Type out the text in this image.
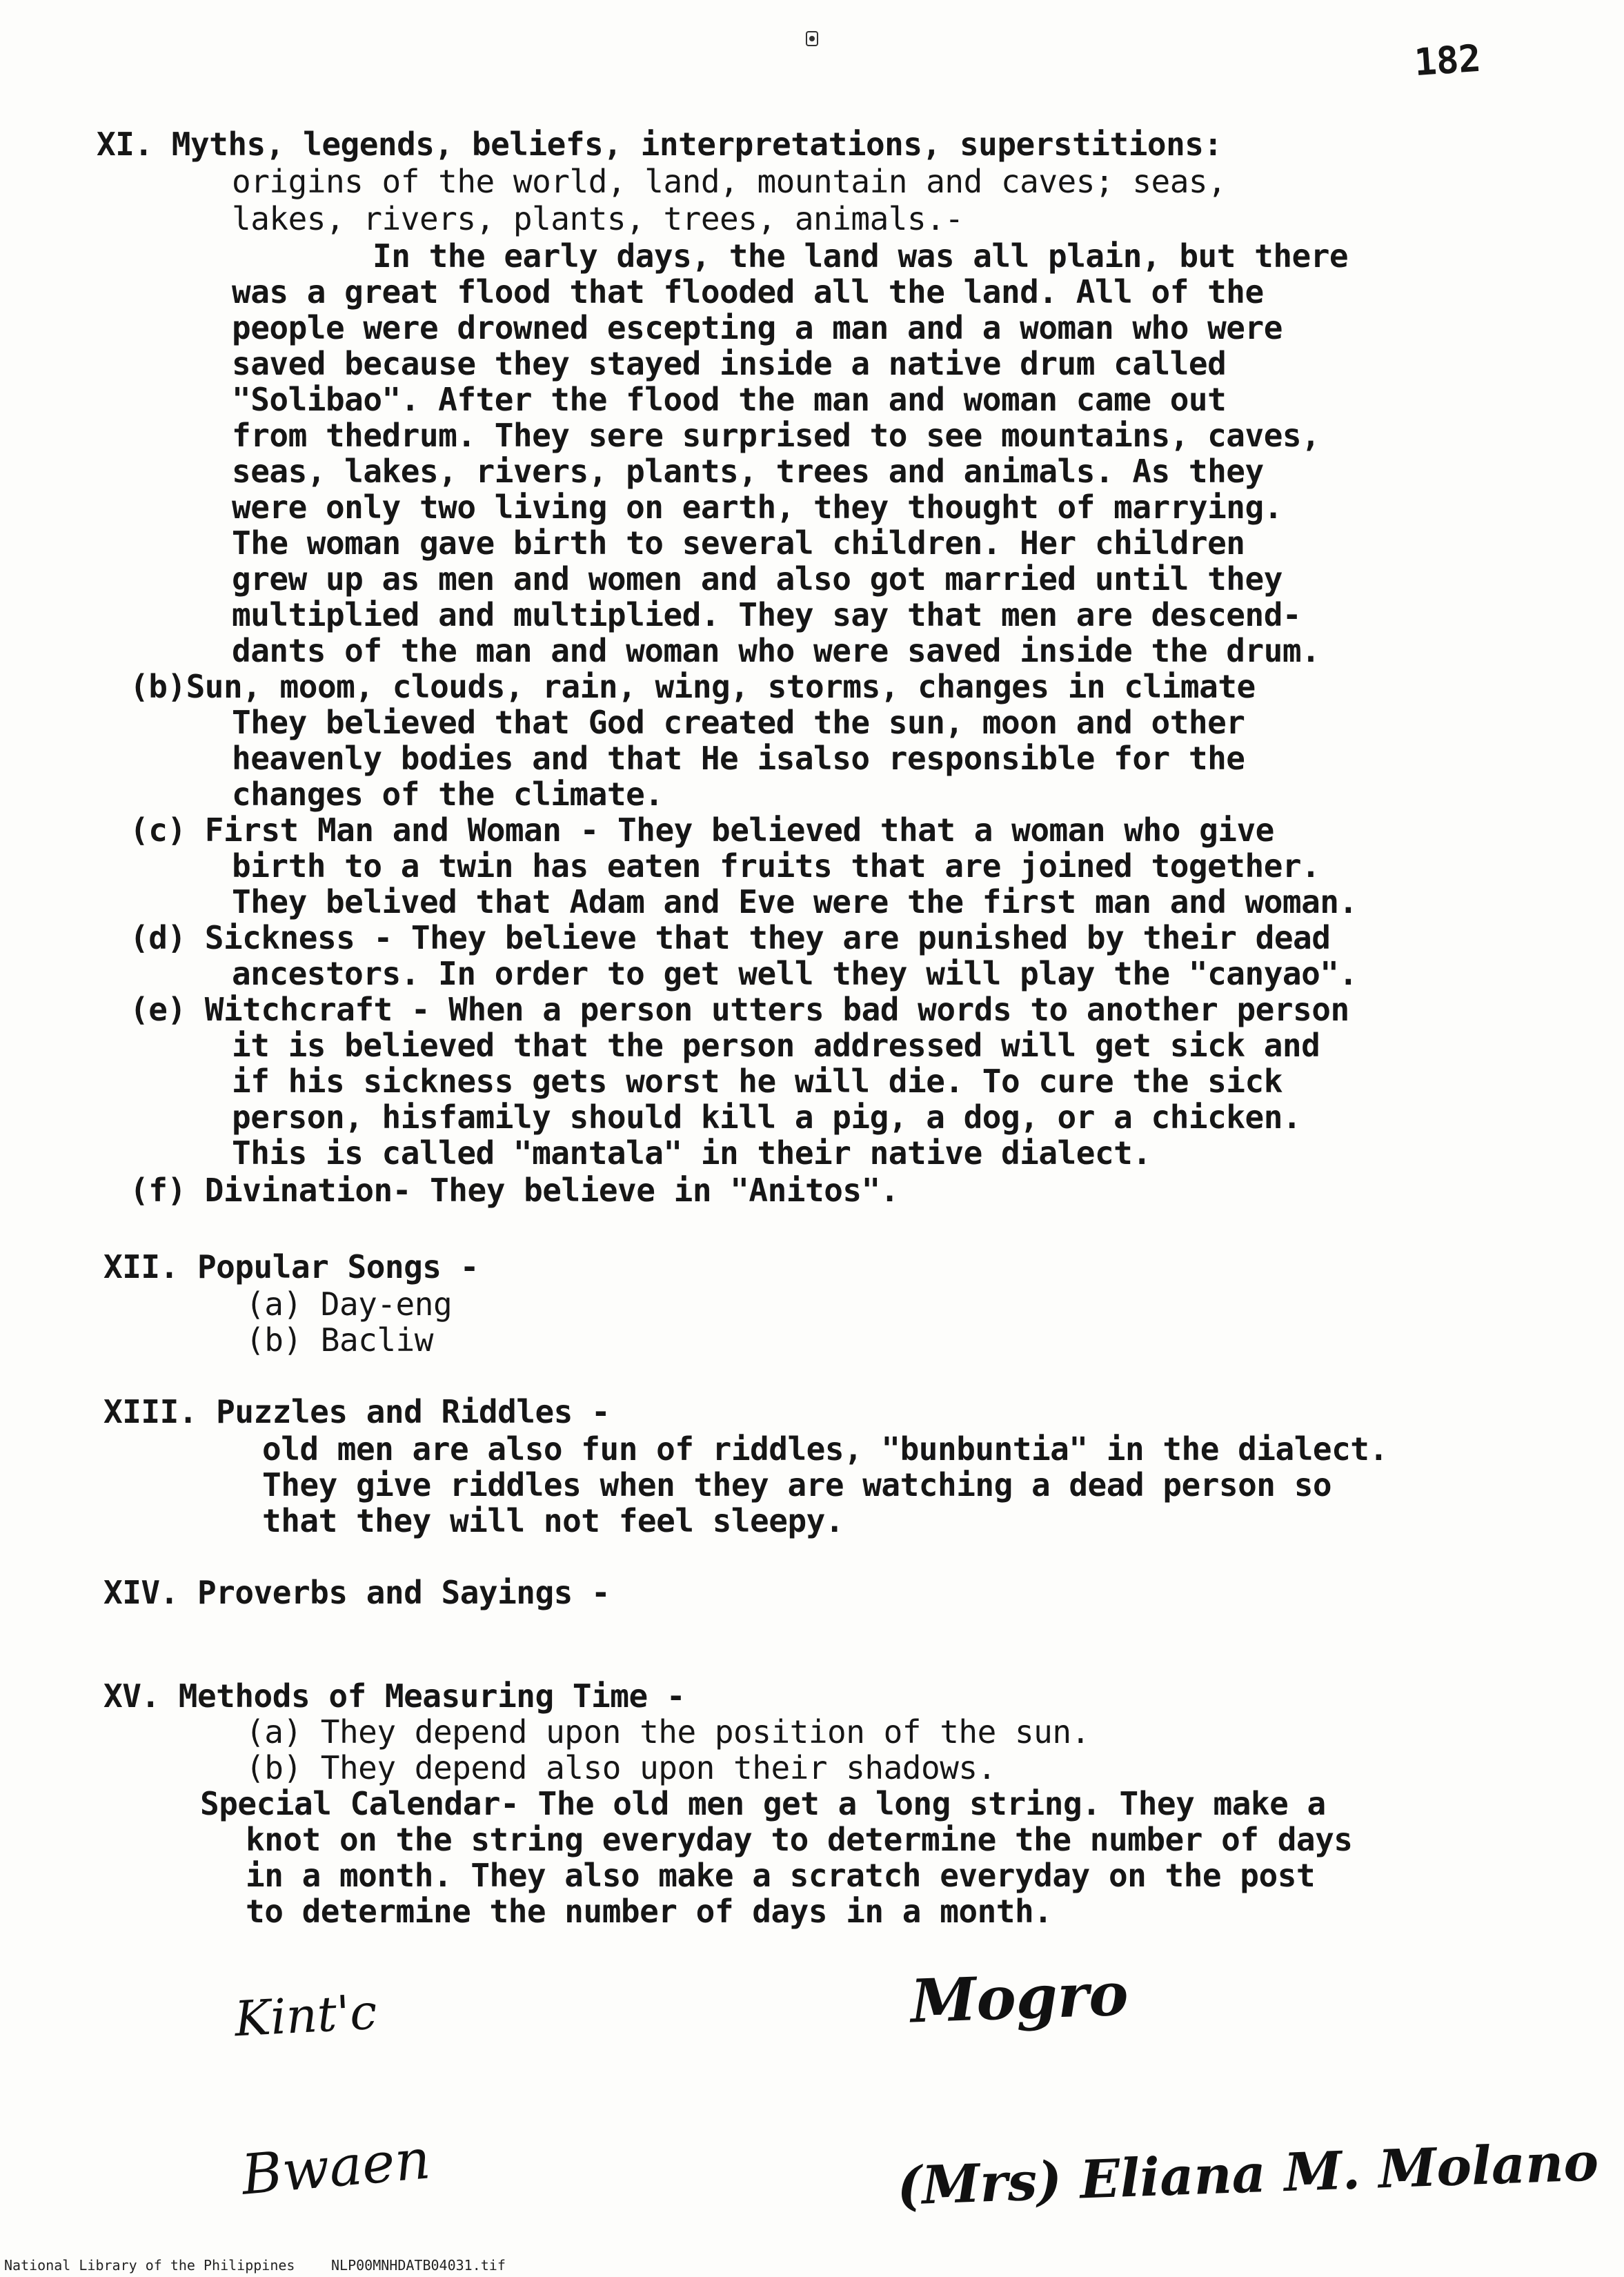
182
XI. Myths, legends, beliefs, interpretations, superstitions:
origins of the world, land, mountain and caves; seas,
lakes, rivers, plants, trees, animals.-
In the early days, the land was all plain, but there
was a great flood that flooded all the land. All of the
people were drowned escepting a man and a woman who were
saved because they stayed inside a native drum called
"Solibao". After the flood the man and woman came out
from thedrum. They sere surprised to see mountains, caves,
seas, lakes, rivers, plants, trees and animals. As they
were only two living on earth, they thought of marrying.
The woman gave birth to several children. Her children
grew up as men and women and also got married until they
multiplied and multiplied. They say that men are descend-
dants of the man and woman who were saved inside the drum.
(b)Sun, moom, clouds, rain, wing, storms, changes in climate
They believed that God created the sun, moon and other
heavenly bodies and that He isalso responsible for the
changes of the climate.
(c) First Man and Woman - They believed that a woman who give
birth to a twin has eaten fruits that are joined together.
They belived that Adam and Eve were the first man and woman.
(d) Sickness - They believe that they are punished by their dead
ancestors. In order to get well they will play the "canyao".
(e) Witchcraft - When a person utters bad words to another person
it is believed that the person addressed will get sick and
if his sickness gets worst he will die. To cure the sick
person, hisfamily should kill a pig, a dog, or a chicken.
This is called "mantala" in their native dialect.
(f) Divination- They believe in "Anitos".
XII. Popular Songs -
(a) Day-eng
(b) Bacliw
XIII. Puzzles and Riddles -
old men are also fun of riddles, "bunbuntia" in the dialect.
They give riddles when they are watching a dead person so
that they will not feel sleepy.
XIV. Proverbs and Sayings -
XV. Methods of Measuring Time -
(a) They depend upon the position of the sun.
(b) They depend also upon their shadows.
Special Calendar- The old men get a long string. They make a
knot on the string everyday to determine the number of days
in a month. They also make a scratch everyday on the post
to determine the number of days in a month.
Kint'c	Mogro
Bwaen	(Mrs) Eliana M. Molano
National Library of the Philippines	NLP00MNHDATB04031.tif
